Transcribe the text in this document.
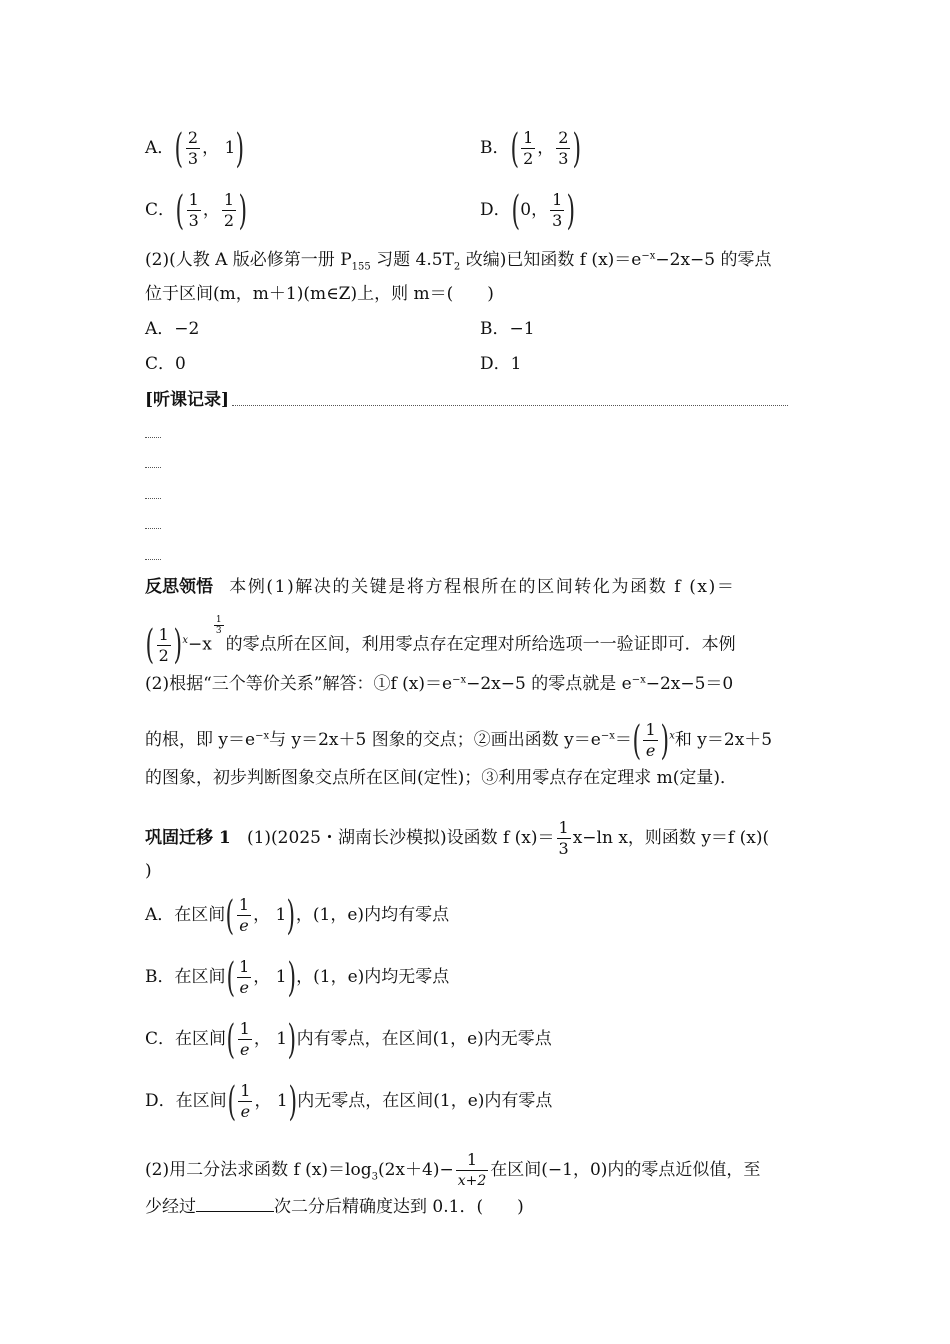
A．( $\frac{2}{3}$ ， 1)	B．( $\frac{1}{2}$ ， $\frac{2}{3}$ )
C．( $\frac{1}{3}$ ， $\frac{1}{2}$ )	D．(0， $\frac{1}{3}$ )
(2)(人教 A 版必修第一册 $P_{155}$ 习题 $4.5T_2$ 改编)已知函数 f $(x)=e^{-x}-2x-5$ 的零点
位于区间(m，m＋1)(m∈Z)上，则 m＝(　　)
A．−2	B．−1
C．0	D．1
[听课记录]
反思领悟 本例(1)解决的关键是将方程根所在的区间转化为函数 f (x)＝
( $\frac{1}{2} )^x-x$
$^{\frac{1}{3}}$
的零点所在区间，利用零点存在定理对所给选项一一验证即可．本例
(2)根据“三个等价关系”解答：①f $(x)=e^{-x}-2x-5$ 的零点就是 $e^{-x}-2x-5=0$
的根，即 $y=e^{-x}$与 y＝2x＋5 图象的交点；②画出函数 $y=e^{-x}=( \frac{1}{e} )^x$和 y＝2x＋5
的图象，初步判断图象交点所在区间(定性)；③利用零点存在定理求 m(定量)．
巩固迁移 1 (1)(2025・湖南长沙模拟)设函数 f $(x)= \frac{1}{3} x-\ln$ x，则函数 y＝f (x)(
)
A．在区间( $\frac{1}{e}$ ， 1)，(1，e)内均有零点
B．在区间( $\frac{1}{e}$ ， 1)，(1，e)内均无零点
C．在区间( $\frac{1}{e}$ ， 1)内有零点，在区间(1，e)内无零点
D．在区间( $\frac{1}{e}$ ， 1)内无零点，在区间(1，e)内有零点
(2)用二分法求函数 f $(x)=\log_3(2x+4)- \frac{1}{x+2}$ 在区间(−1，0)内的零点近似值，至
少经过	次二分后精确度达到 0.1．(　　)
